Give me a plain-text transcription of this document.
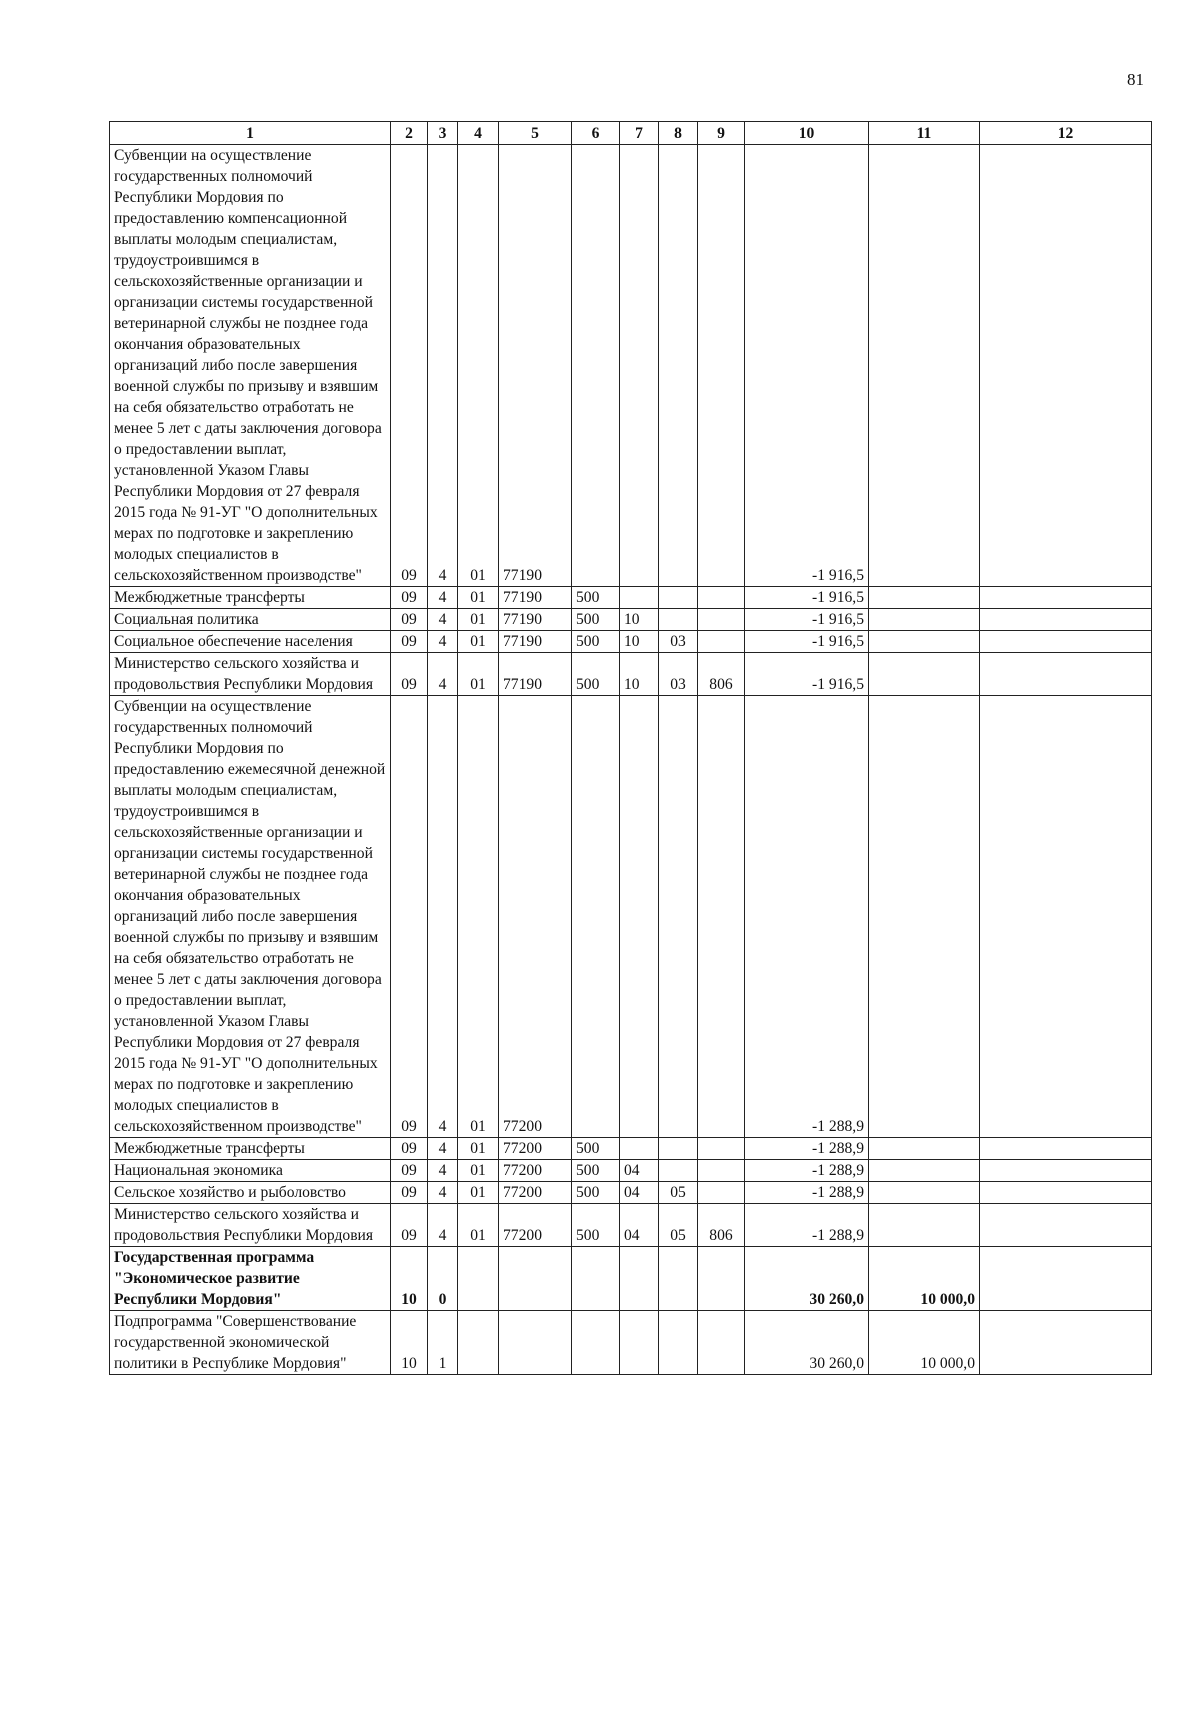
81
1	2	3	4	5	6	7	8	9	10	11	12
Субвенции на осуществление государственных полномочий Республики Мордовия по предоставлению компенсационной выплаты молодым специалистам, трудоустроившимся в сельскохозяйственные организации и организации системы государственной ветеринарной службы не позднее года окончания образовательных организаций либо после завершения военной службы по призыву и взявшим на себя обязательство отработать не менее 5 лет с даты заключения договора о предоставлении выплат, установленной Указом Главы Республики Мордовия от 27 февраля 2015 года № 91-УГ "О дополнительных мерах по подготовке и закреплению молодых специалистов в сельскохозяйственном производстве"	09	4	01	77190					-1 916,5		
Межбюджетные трансферты	09	4	01	77190	500				-1 916,5		
Социальная политика	09	4	01	77190	500	10			-1 916,5		
Социальное обеспечение населения	09	4	01	77190	500	10	03		-1 916,5		
Министерство сельского хозяйства и продовольствия Республики Мордовия	09	4	01	77190	500	10	03	806	-1 916,5		
Субвенции на осуществление государственных полномочий Республики Мордовия по предоставлению ежемесячной денежной выплаты молодым специалистам, трудоустроившимся в сельскохозяйственные организации и организации системы государственной ветеринарной службы не позднее года окончания образовательных организаций либо после завершения военной службы по призыву и взявшим на себя обязательство отработать не менее 5 лет с даты заключения договора о предоставлении выплат, установленной Указом Главы Республики Мордовия от 27 февраля 2015 года № 91-УГ "О дополнительных мерах по подготовке и закреплению молодых специалистов в сельскохозяйственном производстве"	09	4	01	77200					-1 288,9		
Межбюджетные трансферты	09	4	01	77200	500				-1 288,9		
Национальная экономика	09	4	01	77200	500	04			-1 288,9		
Сельское хозяйство и рыболовство	09	4	01	77200	500	04	05		-1 288,9		
Министерство сельского хозяйства и продовольствия Республики Мордовия	09	4	01	77200	500	04	05	806	-1 288,9		
Государственная программа "Экономическое развитие Республики Мордовия"	10	0							30 260,0	10 000,0	
Подпрограмма "Совершенствование государственной экономической политики в Республике Мордовия"	10	1							30 260,0	10 000,0	
